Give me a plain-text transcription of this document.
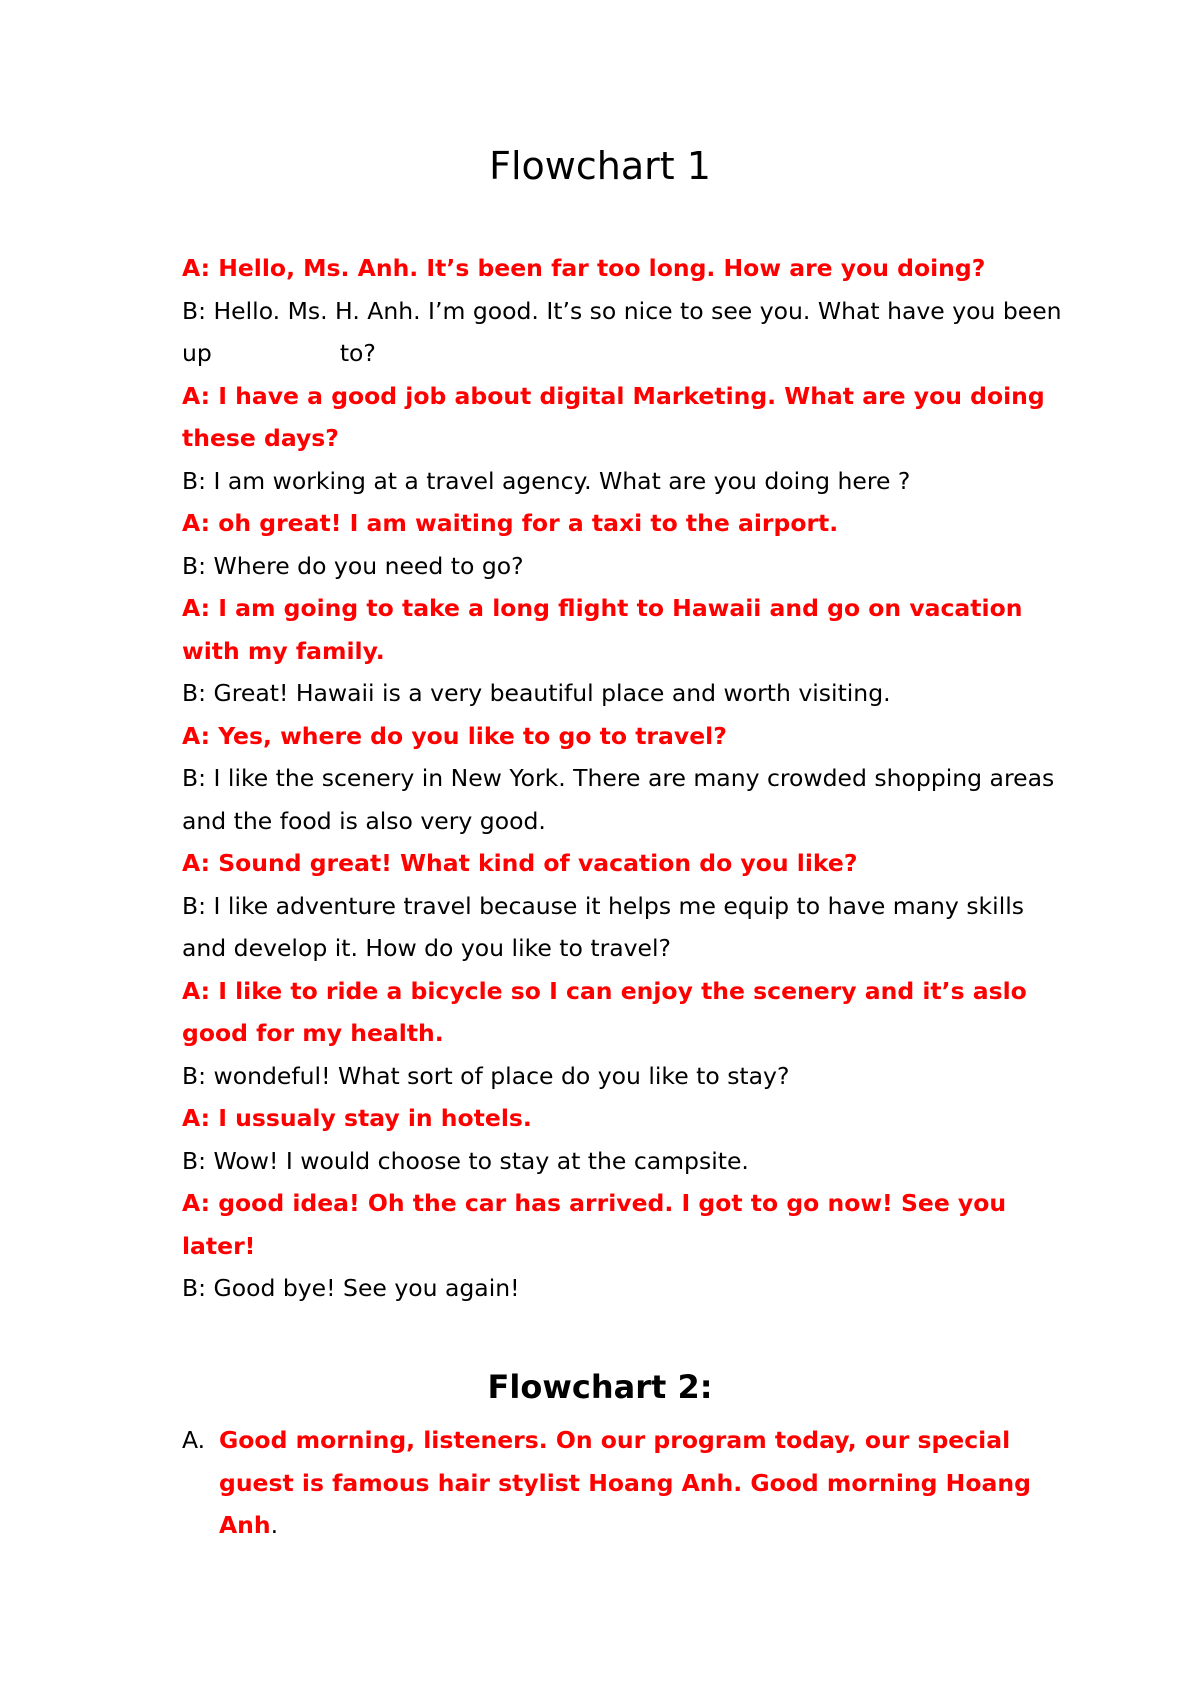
Flowchart 1

A: Hello, Ms. Anh. It’s been far too long. How are you doing?

B: Hello. Ms. H. Anh. I’m good. It’s so nice to see you. What have you been up	to?

A: I have a good job about digital Marketing. What are you doing these days?

B: I am working at a travel agency. What are you doing here ?

A: oh great! I am waiting for a taxi to the airport.

B: Where do you need to go?

A: I am going to take a long flight to Hawaii and go on vacation with my family.

B: Great! Hawaii is a very beautiful place and worth visiting.

A: Yes, where do you like to go to travel?

B: I like the scenery in New York. There are many crowded shopping areas and the food is also very good.

A: Sound great! What kind of vacation do you like?

B: I like adventure travel because it helps me equip to have many skills and develop it. How do you like to travel?

A: I like to ride a bicycle so I can enjoy the scenery and it’s aslo good for my health.

B: wondeful! What sort of place do you like to stay?

A: I ussualy stay in hotels.

B: Wow! I would choose to stay at the campsite.

A: good idea! Oh the car has arrived. I got to go now! See you later!

B: Good bye! See you again!

Flowchart 2:
A. Good morning, listeners. On our program today, our special guest is famous hair stylist Hoang Anh. Good morning Hoang Anh.
